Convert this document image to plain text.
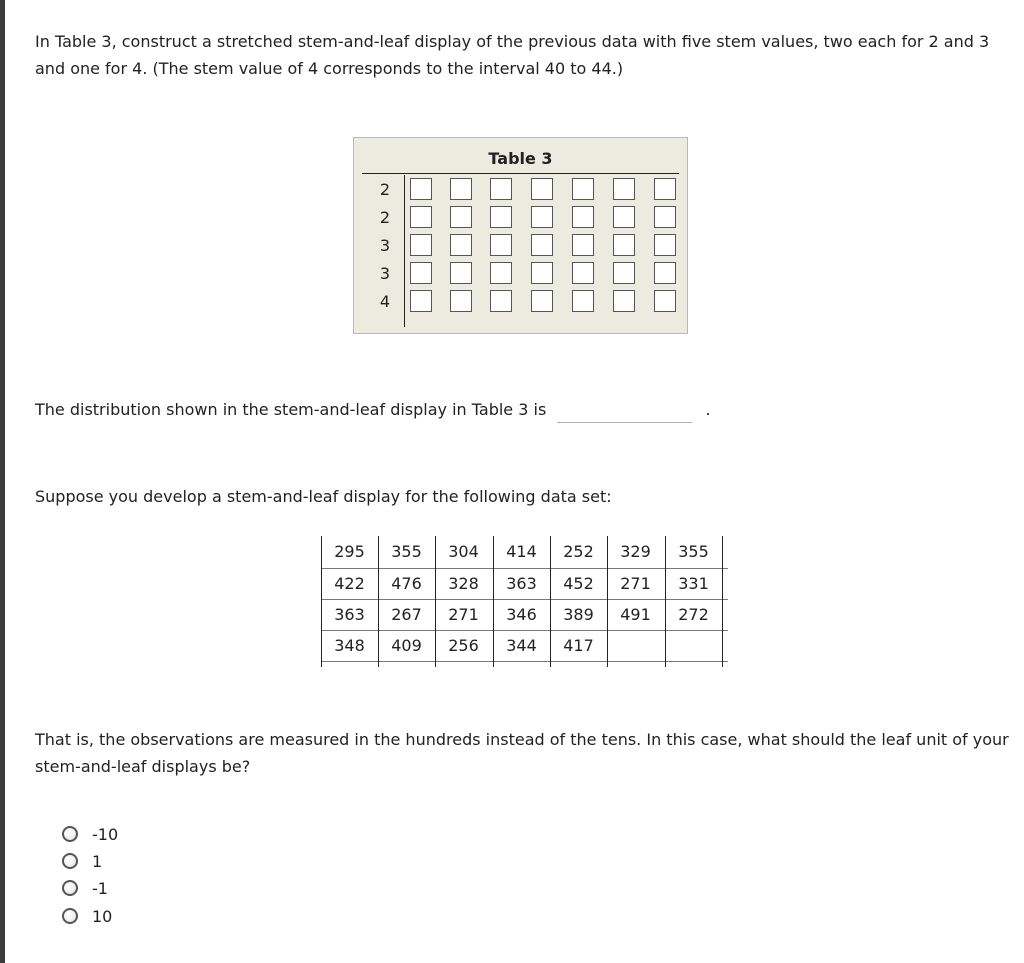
In Table 3, construct a stretched stem-and-leaf display of the previous data with five stem values, two each for 2 and 3 and one for 4. (The stem value of 4 corresponds to the interval 40 to 44.)

Table 3
2
2
3
3
4

The distribution shown in the stem-and-leaf display in Table 3 is	.

Suppose you develop a stem-and-leaf display for the following data set:

295	355	304	414	252	329	355
422	476	328	363	452	271	331
363	267	271	346	389	491	272
348	409	256	344	417

That is, the observations are measured in the hundreds instead of the tens. In this case, what should the leaf unit of your stem-and-leaf displays be?

-10
1
-1
10
